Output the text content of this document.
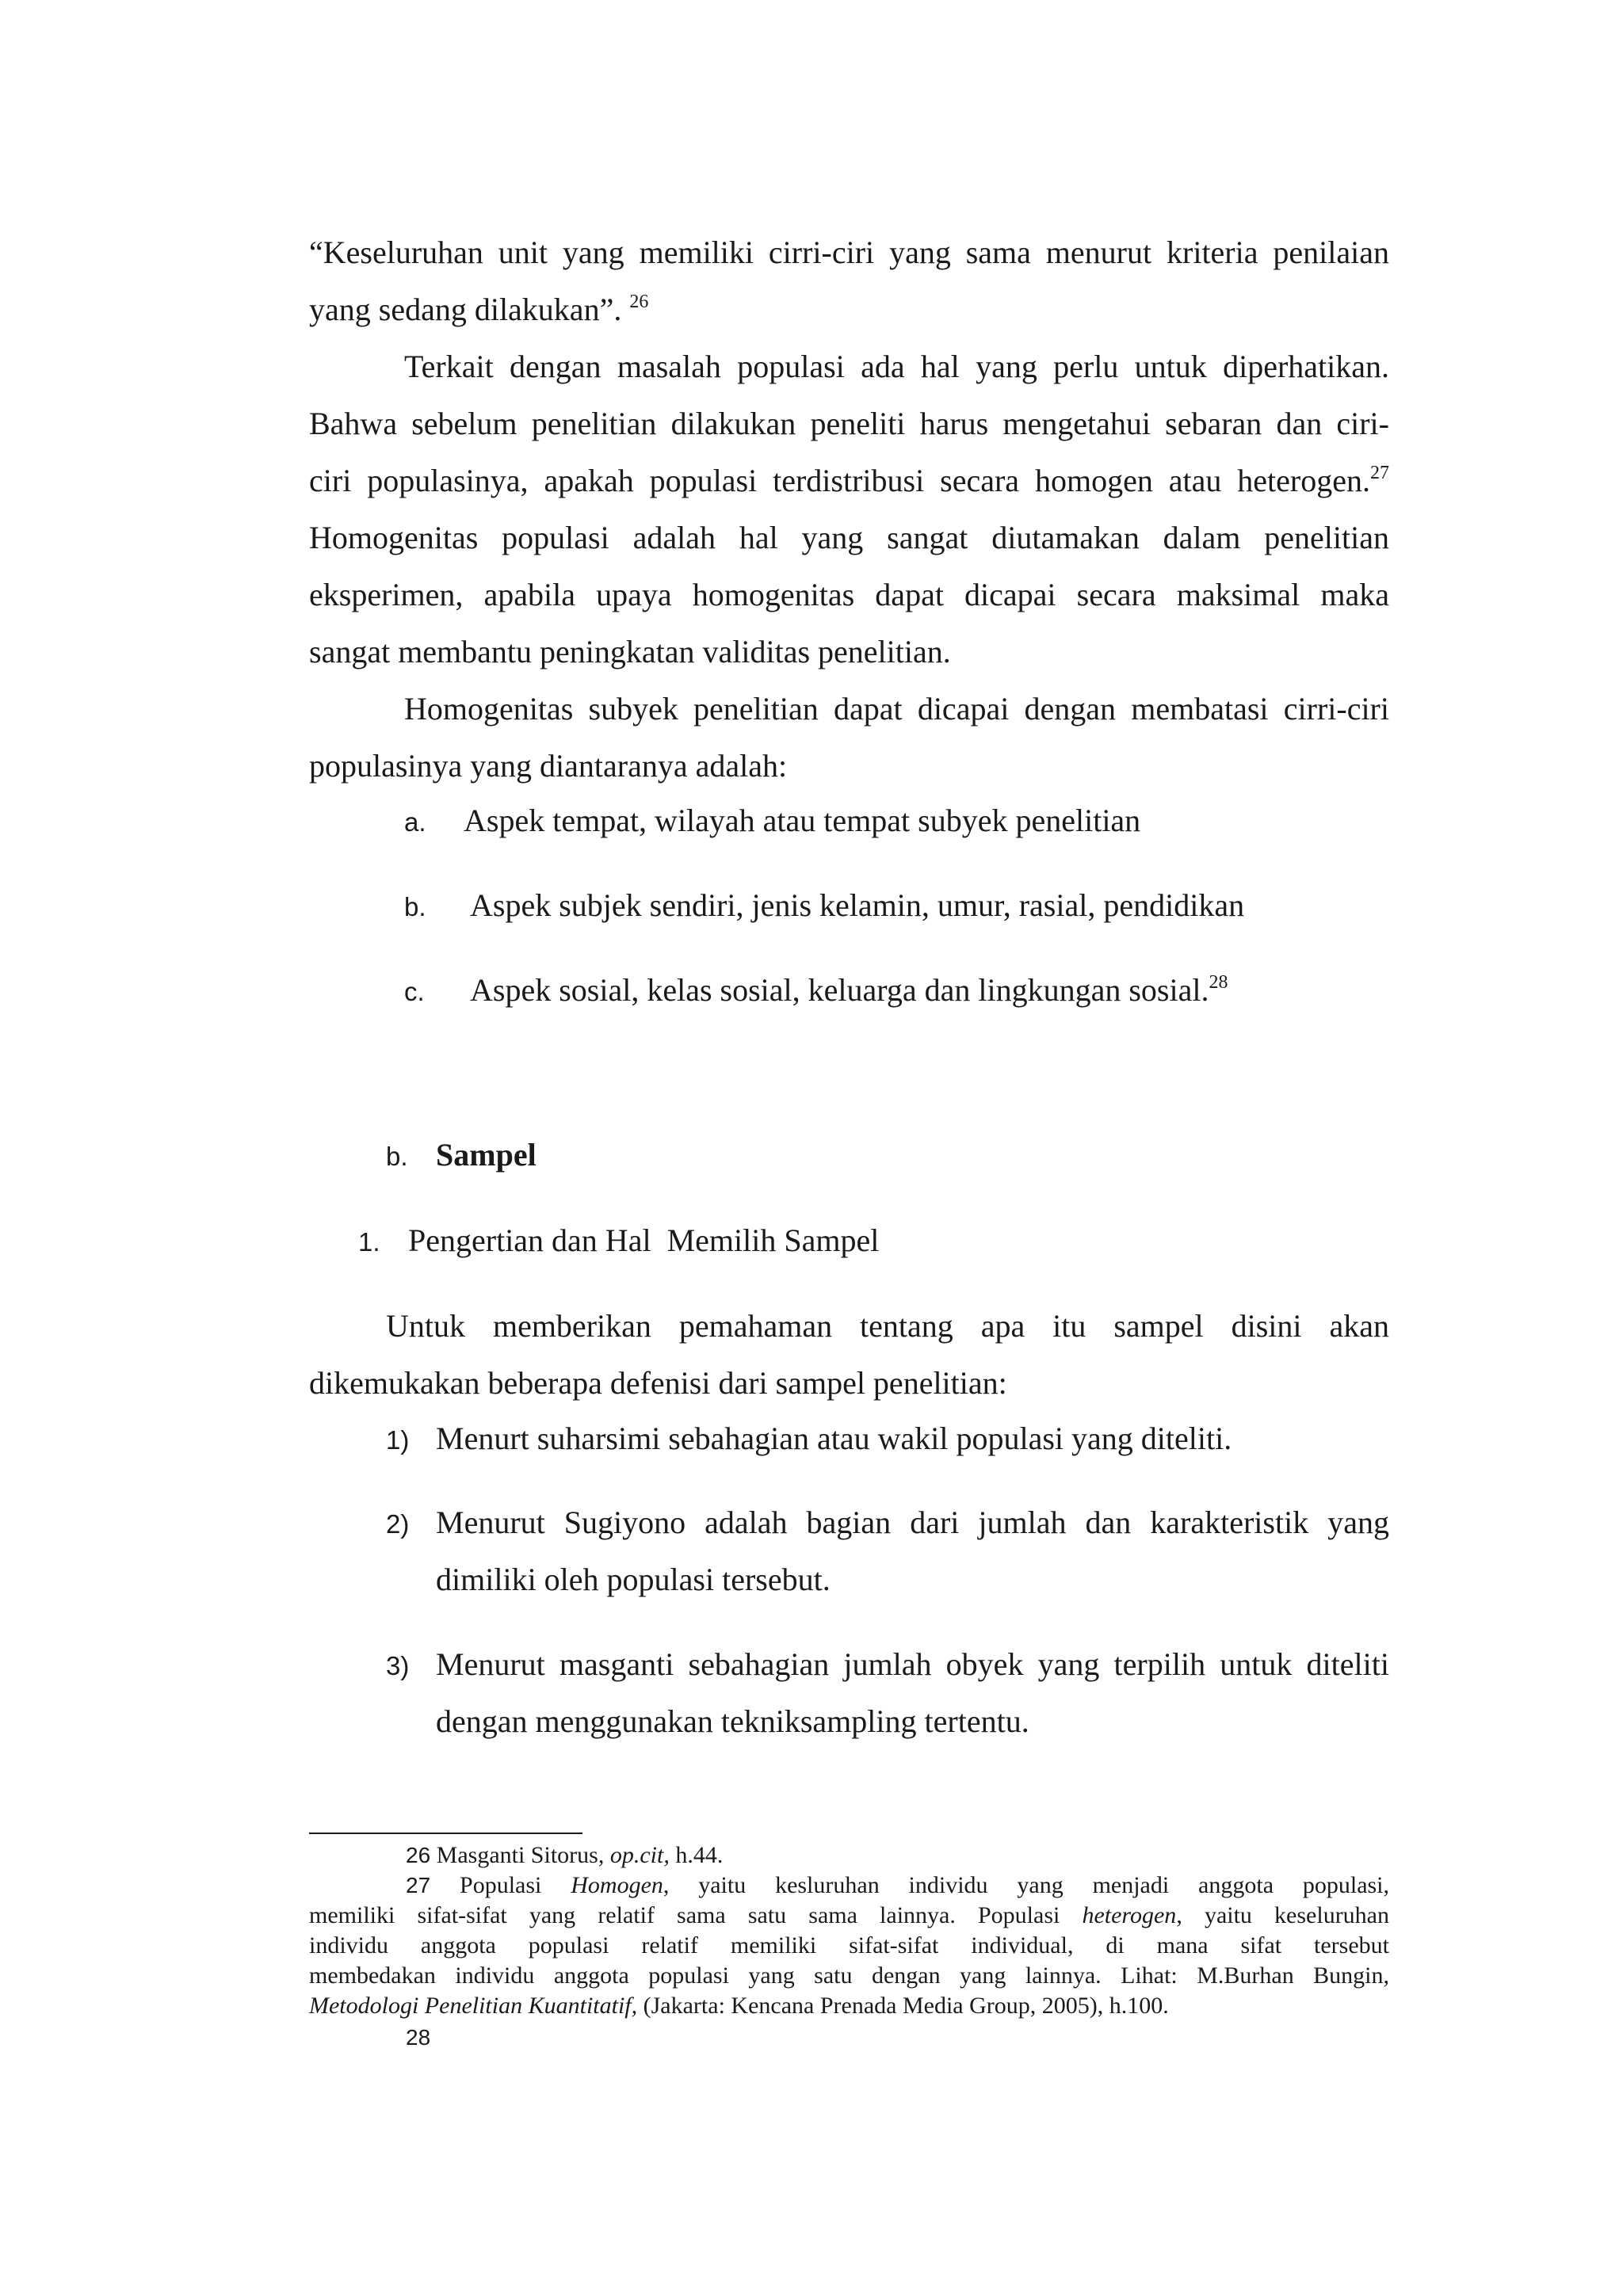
“Keseluruhan unit yang memiliki cirri-ciri yang sama menurut kriteria penilaian
yang sedang dilakukan”. $^{26}$
Terkait dengan masalah populasi ada hal yang perlu untuk diperhatikan.
Bahwa sebelum penelitian dilakukan peneliti harus mengetahui sebaran dan ciri-
ciri populasinya, apakah populasi terdistribusi secara homogen atau heterogen.$^{27}$
Homogenitas populasi adalah hal yang sangat diutamakan dalam penelitian
eksperimen, apabila upaya homogenitas dapat dicapai secara maksimal maka
sangat membantu peningkatan validitas penelitian.
Homogenitas subyek penelitian dapat dicapai dengan membatasi cirri-ciri
populasinya yang diantaranya adalah:
a. Aspek tempat, wilayah atau tempat subyek penelitian
b. Aspek subjek sendiri, jenis kelamin, umur, rasial, pendidikan
c. Aspek sosial, kelas sosial, keluarga dan lingkungan sosial.$^{28}$
b. Sampel
1. Pengertian dan Hal  Memilih Sampel
Untuk memberikan pemahaman tentang apa itu sampel disini akan
dikemukakan beberapa defenisi dari sampel penelitian:
1) Menurt suharsimi sebahagian atau wakil populasi yang diteliti.
2) Menurut Sugiyono adalah bagian dari jumlah dan karakteristik yang
dimiliki oleh populasi tersebut.
3) Menurut masganti sebahagian jumlah obyek yang terpilih untuk diteliti
dengan menggunakan tekniksampling tertentu.
26 Masganti Sitorus, op.cit, h.44.
27 Populasi Homogen, yaitu kesluruhan individu yang menjadi anggota populasi,
memiliki sifat-sifat yang relatif sama satu sama lainnya. Populasi heterogen, yaitu keseluruhan
individu anggota populasi relatif memiliki sifat-sifat individual, di mana sifat tersebut
membedakan individu anggota populasi yang satu dengan yang lainnya. Lihat: M.Burhan Bungin,
Metodologi Penelitian Kuantitatif, (Jakarta: Kencana Prenada Media Group, 2005), h.100.
28
